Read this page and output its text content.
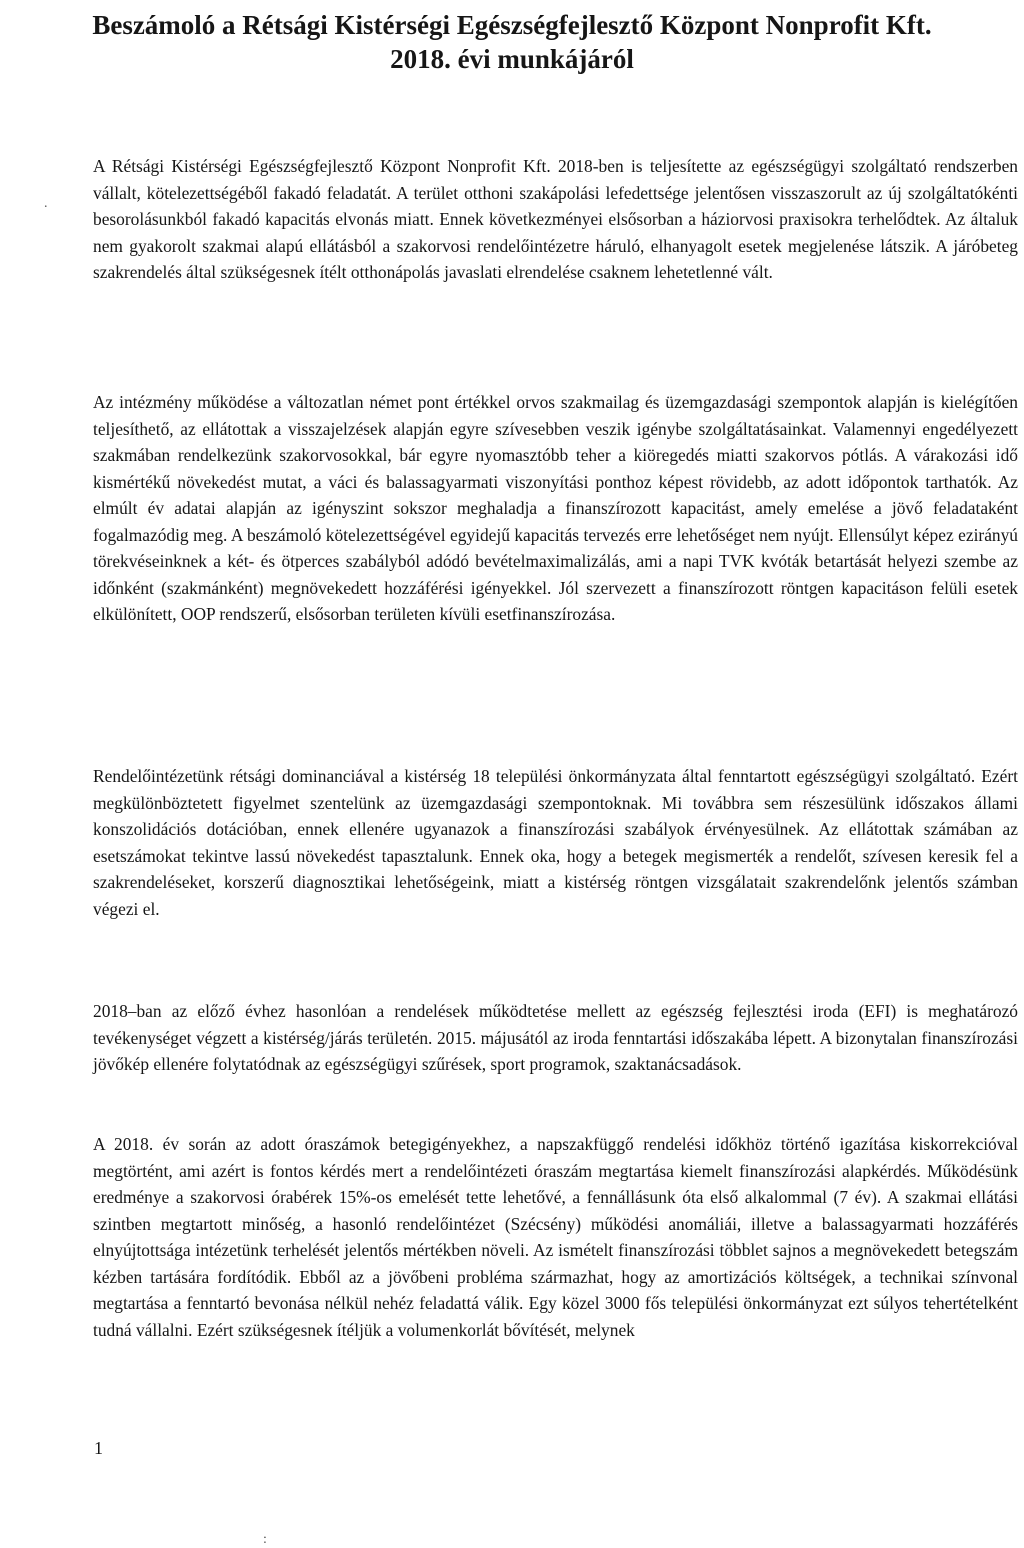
Beszámoló a Rétsági Kistérségi Egészségfejlesztő Központ Nonprofit Kft.
2018. évi munkájáról

A Rétsági Kistérségi Egészségfejlesztő Központ Nonprofit Kft. 2018-ben is teljesítette az egészségügyi szolgáltató rendszerben vállalt, kötelezettségéből fakadó feladatát. A terület otthoni szakápolási lefedettsége jelentősen visszaszorult az új szolgáltatókénti besorolásunkból fakadó kapacitás elvonás miatt. Ennek következményei elsősorban a háziorvosi praxisokra terhelődtek. Az általuk nem gyakorolt szakmai alapú ellátásból a szakorvosi rendelőintézetre háruló, elhanyagolt esetek megjelenése látszik. A járóbeteg szakrendelés által szükségesnek ítélt otthonápolás javaslati elrendelése csaknem lehetetlenné vált.

Az intézmény működése a változatlan német pont értékkel orvos szakmailag és üzemgazdasági szempontok alapján is kielégítően teljesíthető, az ellátottak a visszajelzések alapján egyre szívesebben veszik igénybe szolgáltatásainkat. Valamennyi engedélyezett szakmában rendelkezünk szakorvosokkal, bár egyre nyomasztóbb teher a kiöregedés miatti szakorvos pótlás. A várakozási idő kismértékű növekedést mutat, a váci és balassagyarmati viszonyítási ponthoz képest rövidebb, az adott időpontok tarthatók. Az elmúlt év adatai alapján az igényszint sokszor meghaladja a finanszírozott kapacitást, amely emelése a jövő feladataként fogalmazódig meg. A beszámoló kötelezettségével egyidejű kapacitás tervezés erre lehetőséget nem nyújt. Ellensúlyt képez ezirányú törekvéseinknek a két- és ötperces szabályból adódó bevételmaximalizálás, ami a napi TVK kvóták betartását helyezi szembe az időnként (szakmánként) megnövekedett hozzáférési igényekkel. Jól szervezett a finanszírozott röntgen kapacitáson felüli esetek elkülönített, OOP rendszerű, elsősorban területen kívüli esetfinanszírozása.

Rendelőintézetünk rétsági dominanciával a kistérség 18 települési önkormányzata által fenntartott egészségügyi szolgáltató. Ezért megkülönböztetett figyelmet szentelünk az üzemgazdasági szempontoknak. Mi továbbra sem részesülünk időszakos állami konszolidációs dotációban, ennek ellenére ugyanazok a finanszírozási szabályok érvényesülnek. Az ellátottak számában az esetszámokat tekintve lassú növekedést tapasztalunk. Ennek oka, hogy a betegek megismerték a rendelőt, szívesen keresik fel a szakrendeléseket, korszerű diagnosztikai lehetőségeink, miatt a kistérség röntgen vizsgálatait szakrendelőnk jelentős számban végezi el.

2018–ban az előző évhez hasonlóan a rendelések működtetése mellett az egészség fejlesztési iroda (EFI) is meghatározó tevékenységet végzett a kistérség/járás területén. 2015. májusától az iroda fenntartási időszakába lépett. A bizonytalan finanszírozási jövőkép ellenére folytatódnak az egészségügyi szűrések, sport programok, szaktanácsadások.

A 2018. év során az adott óraszámok betegigényekhez, a napszakfüggő rendelési időkhöz történő igazítása kiskorrekcióval megtörtént, ami azért is fontos kérdés mert a rendelőintézeti óraszám megtartása kiemelt finanszírozási alapkérdés. Működésünk eredménye a szakorvosi órabérek 15%-os emelését tette lehetővé, a fennállásunk óta első alkalommal (7 év). A szakmai ellátási szintben megtartott minőség, a hasonló rendelőintézet (Szécsény) működési anomáliái, illetve a balassagyarmati hozzáférés elnyújtottsága intézetünk terhelését jelentős mértékben növeli. Az ismételt finanszírozási többlet sajnos a megnövekedett betegszám kézben tartására fordítódik. Ebből az a jövőbeni probléma származhat, hogy az amortizációs költségek, a technikai színvonal megtartása a fenntartó bevonása nélkül nehéz feladattá válik. Egy közel 3000 fős települési önkormányzat ezt súlyos tehertételként tudná vállalni. Ezért szükségesnek ítéljük a volumenkorlát bővítését, melynek

1
.
:
